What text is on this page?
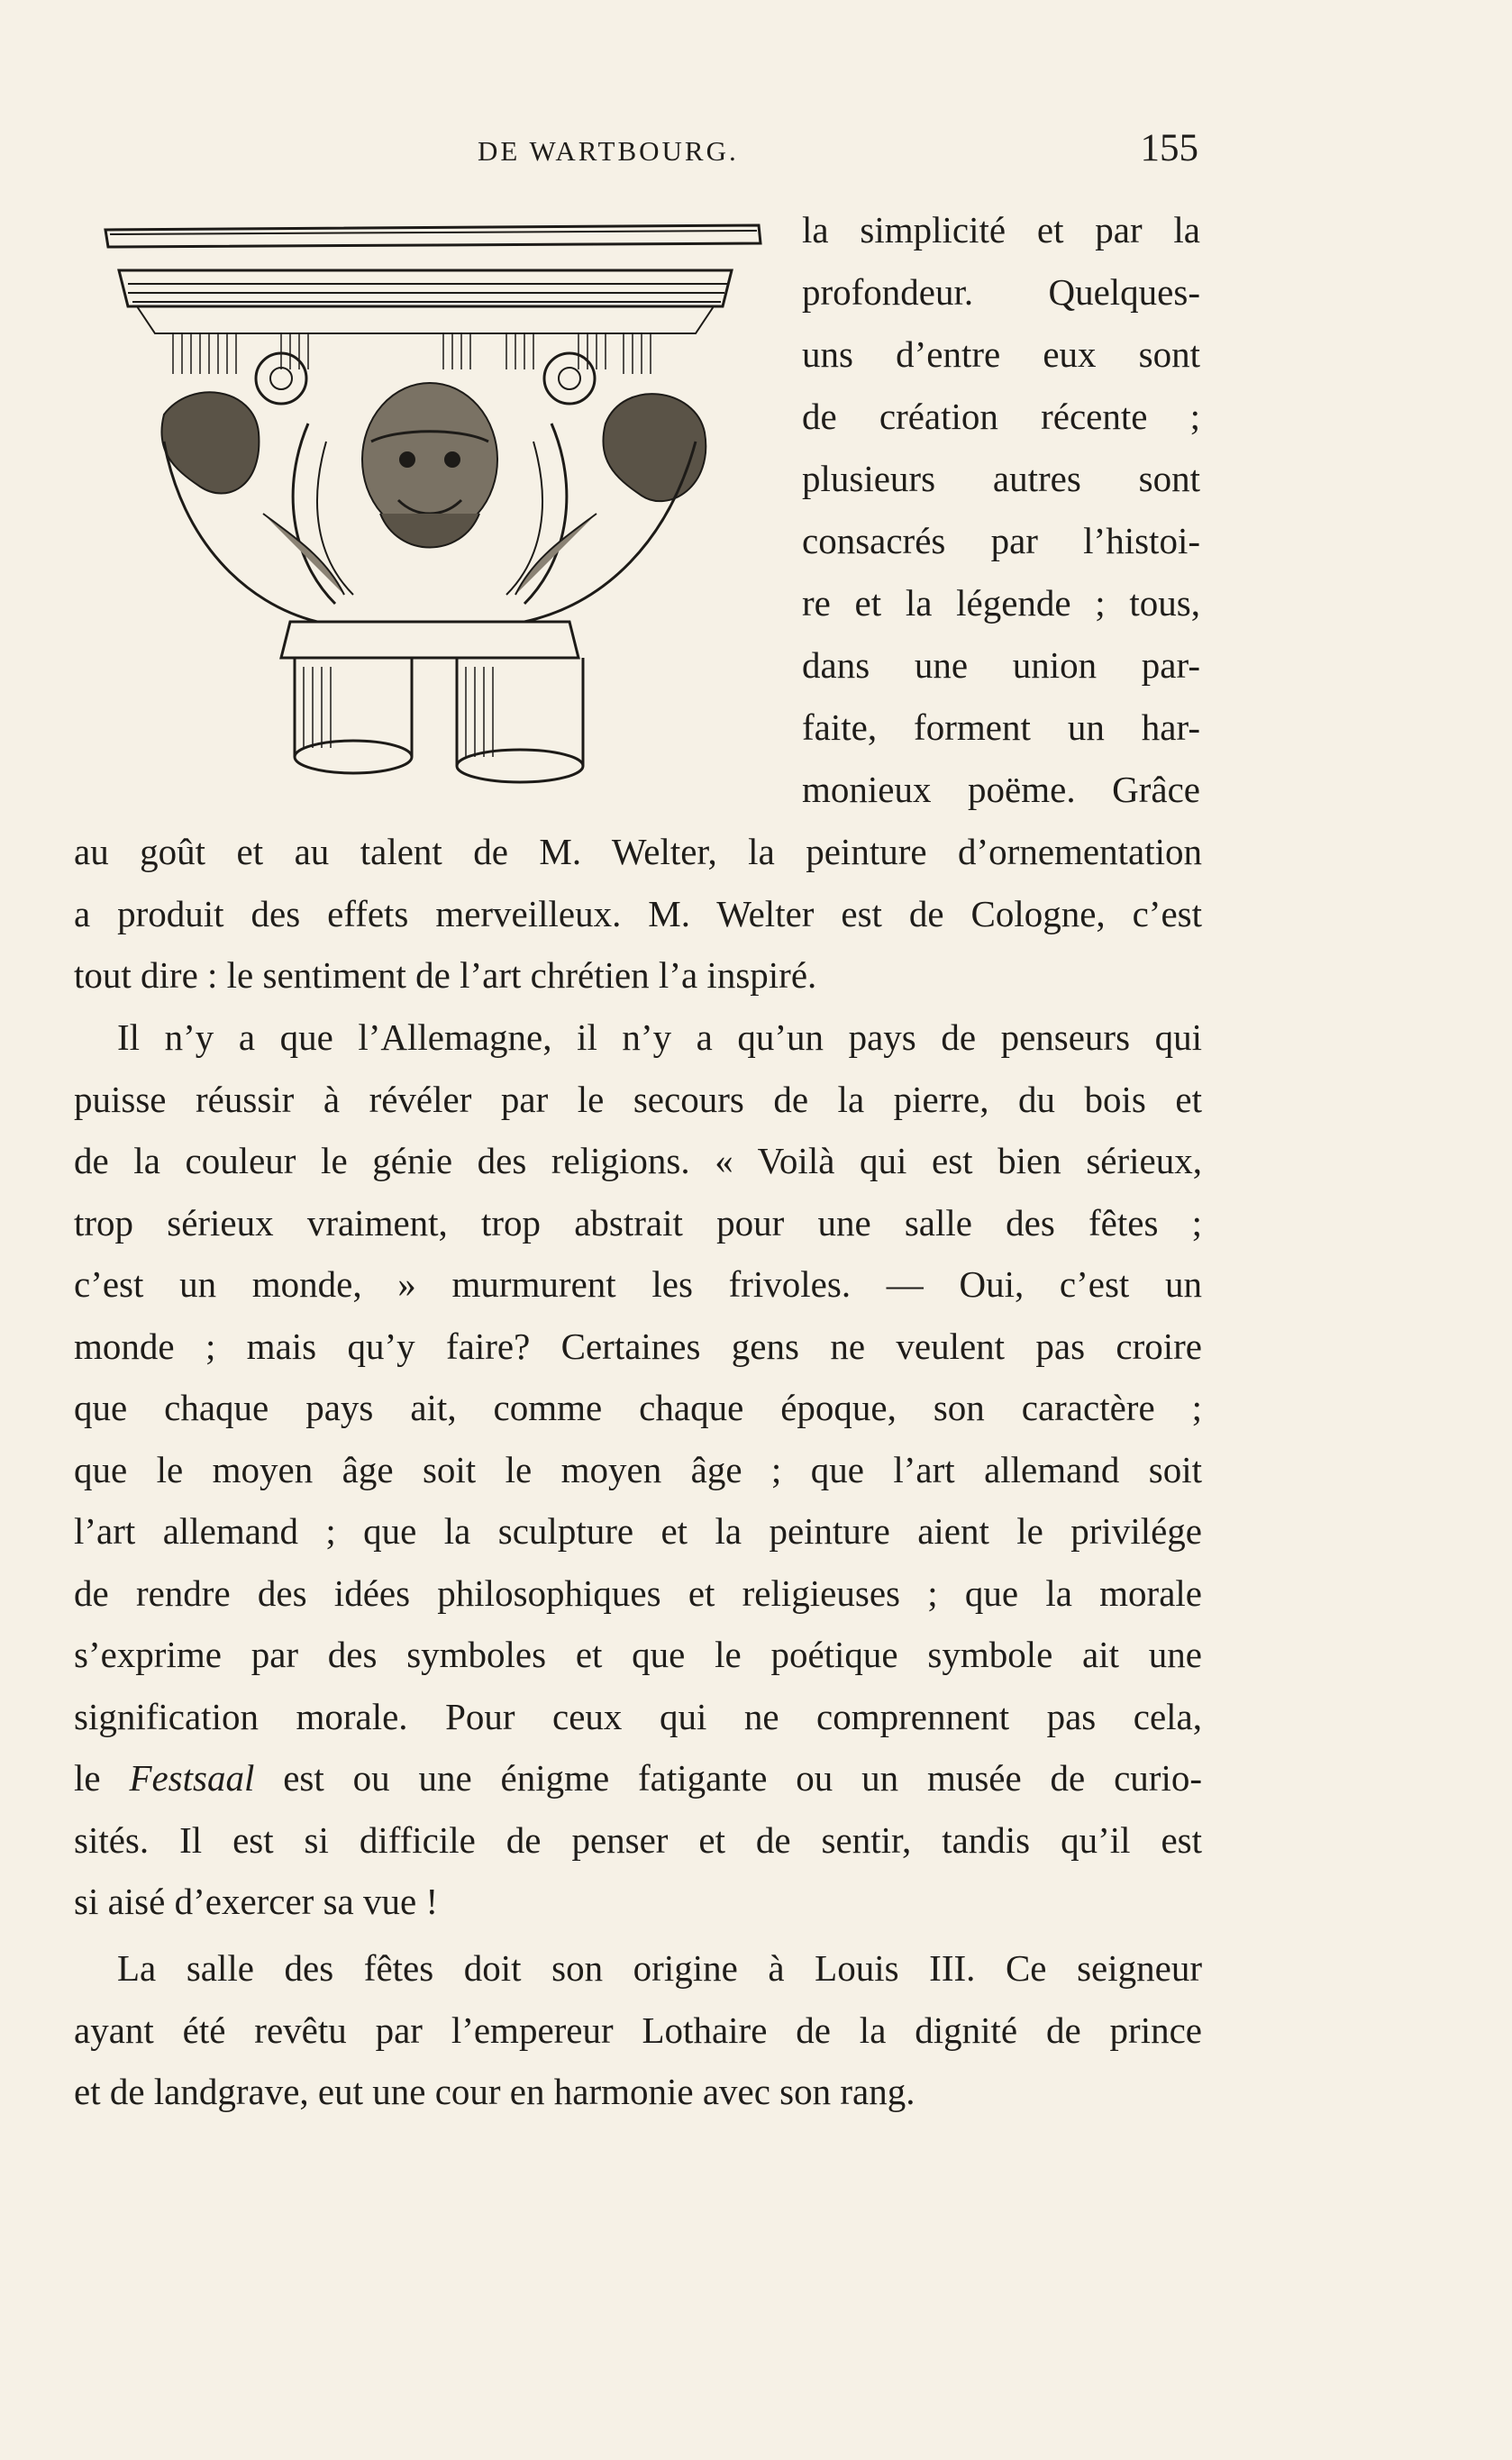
DE WARTBOURG.	155
la simplicité et par la
profondeur. Quelques-
uns d’entre eux sont
de création récente ;
plusieurs autres sont
consacrés par l’histoi-
re et la légende ; tous,
dans une union par-
faite, forment un har-
monieux poëme. Grâce
au goût et au talent de M. Welter, la peinture d’ornementation
a produit des effets merveilleux. M. Welter est de Cologne, c’est
tout dire : le sentiment de l’art chrétien l’a inspiré.
Il n’y a que l’Allemagne, il n’y a qu’un pays de penseurs qui
puisse réussir à révéler par le secours de la pierre, du bois et
de la couleur le génie des religions. « Voilà qui est bien sérieux,
trop sérieux vraiment, trop abstrait pour une salle des fêtes ;
c’est un monde, » murmurent les frivoles. — Oui, c’est un
monde ; mais qu’y faire? Certaines gens ne veulent pas croire
que chaque pays ait, comme chaque époque, son caractère ;
que le moyen âge soit le moyen âge ; que l’art allemand soit
l’art allemand ; que la sculpture et la peinture aient le privilége
de rendre des idées philosophiques et religieuses ; que la morale
s’exprime par des symboles et que le poétique symbole ait une
signification morale. Pour ceux qui ne comprennent pas cela,
le Festsaal est ou une énigme fatigante ou un musée de curio-
sités. Il est si difficile de penser et de sentir, tandis qu’il est
si aisé d’exercer sa vue !
La salle des fêtes doit son origine à Louis III. Ce seigneur
ayant été revêtu par l’empereur Lothaire de la dignité de prince
et de landgrave, eut une cour en harmonie avec son rang.
